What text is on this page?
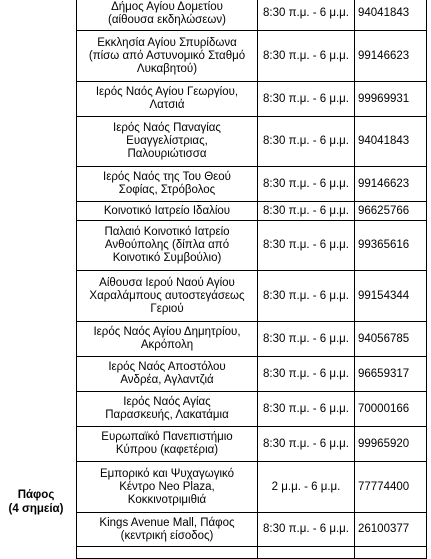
Πάφος
(4 σημεία)
Δήμος Αγίου Δομετίου
(αίθουσα εκδηλώσεων)	8:30 π.μ. - 6 μ.μ.	94041843

Εκκλησία Αγίου Σπυρίδωνα
(πίσω από Αστυνομικό Σταθμό
Λυκαβητού)	8:30 π.μ. - 6 μ.μ.	99146623

Ιερός Ναός Αγίου Γεωργίου,
Λατσιά	8:30 π.μ. - 6 μ.μ.	99969931

Ιερός Ναός Παναγίας
Ευαγγελίστριας,
Παλουριώτισσα	8:30 π.μ. - 6 μ.μ.	94041843

Ιερός Ναός της Του Θεού
Σοφίας, Στρόβολος	8:30 π.μ. - 6 μ.μ.	99146623

Κοινοτικό Ιατρείο Ιδαλίου	8:30 π.μ. - 6 μ.μ.	96625766

Παλαιό Κοινοτικό Ιατρείο
Ανθούπολης (δίπλα από
Κοινοτικό Συμβούλιο)	8:30 π.μ. - 6 μ.μ.	99365616

Αίθουσα Ιερού Ναού Αγίου
Χαραλάμπους αυτοστεγάσεως
Γεριού	8:30 π.μ. - 6 μ.μ.	99154344

Ιερός Ναός Αγίου Δημητρίου,
Ακρόπολη	8:30 π.μ. - 6 μ.μ.	94056785

Ιερός Ναός Αποστόλου
Ανδρέα, Αγλαντζιά	8:30 π.μ. - 6 μ.μ.	96659317

Ιερός Ναός Αγίας
Παρασκευής, Λακατάμια	8:30 π.μ. - 6 μ.μ.	70000166

Ευρωπαϊκό Πανεπιστήμιο
Κύπρου (καφετέρια)	8:30 π.μ. - 6 μ.μ.	99965920

Εμπορικό και Ψυχαγωγικό
Κέντρο Neo Plaza,
Κοκκινοτριμιθιά	2 μ.μ. - 6 μ.μ.	77774400

Kings Avenue Mall, Πάφος
(κεντρική είσοδος)	8:30 π.μ. - 6 μ.μ.	26100377
